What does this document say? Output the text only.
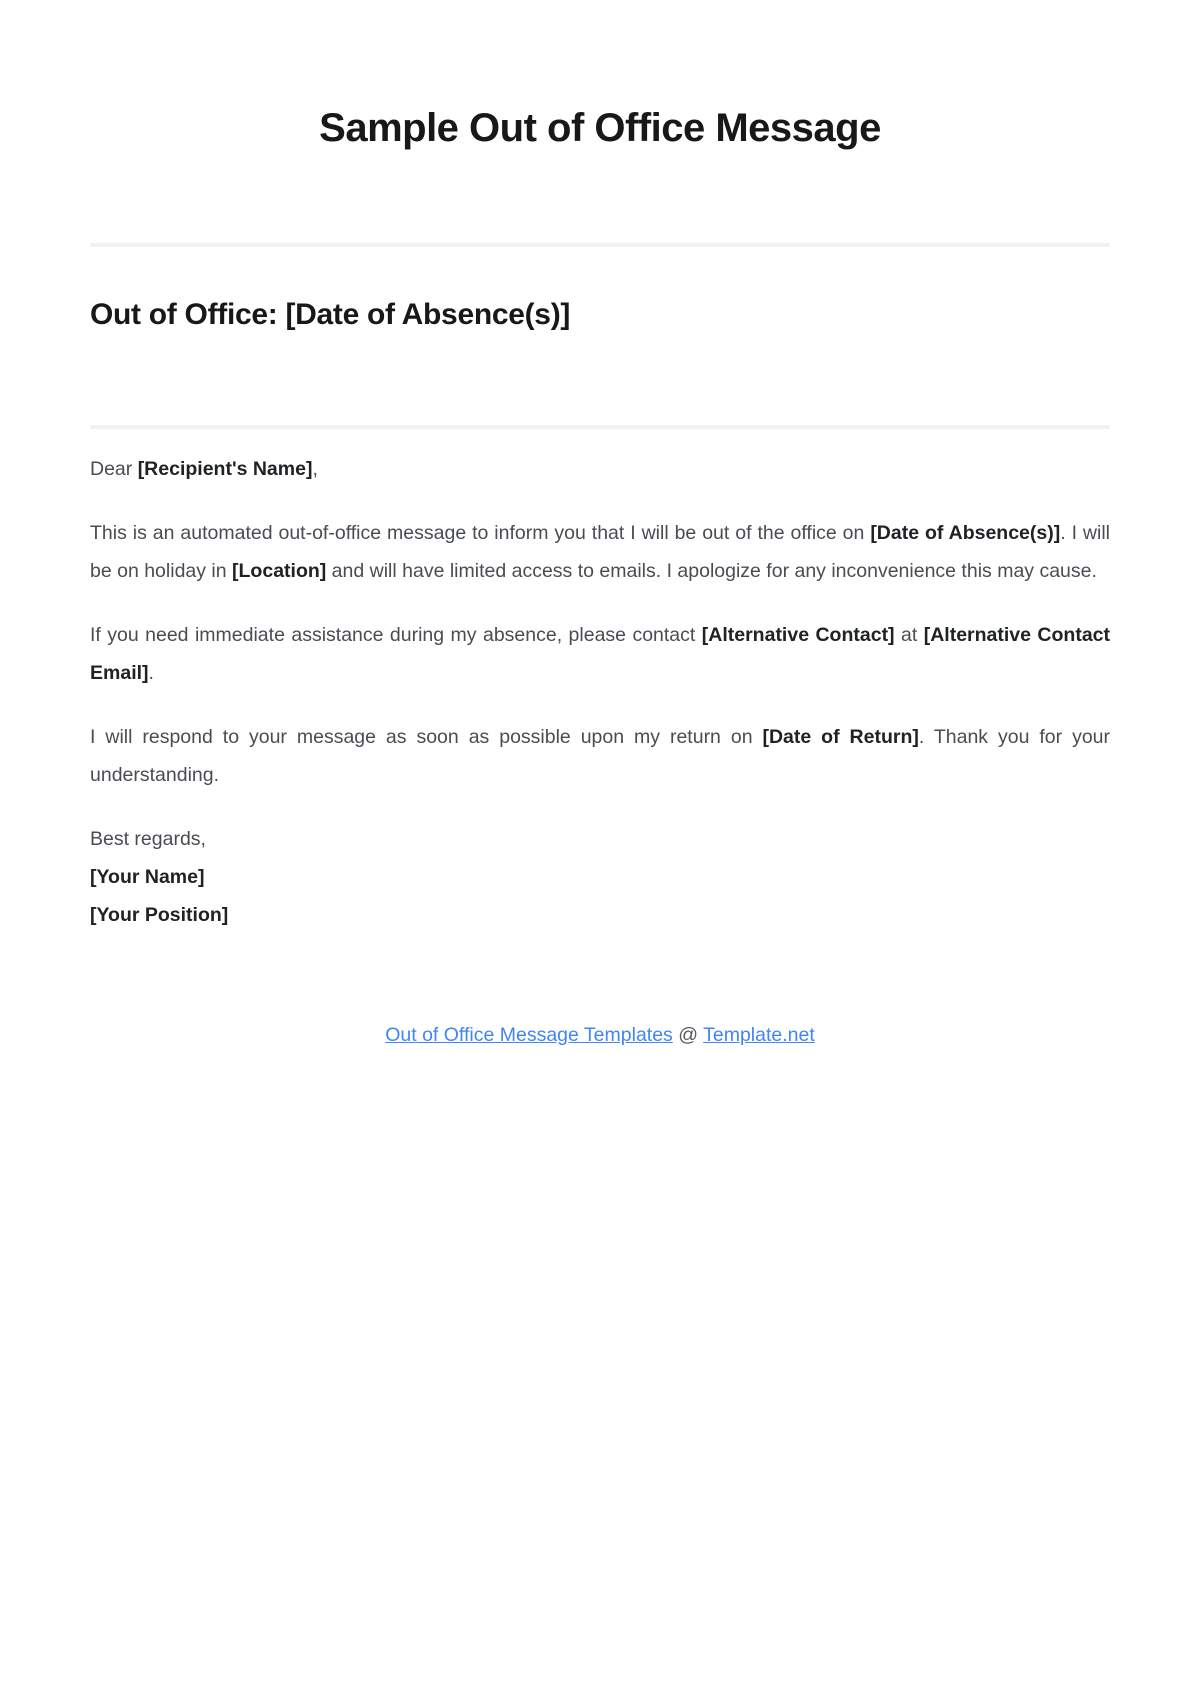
Sample Out of Office Message
Out of Office: [Date of Absence(s)]

Dear [Recipient's Name],

This is an automated out-of-office message to inform you that I will be out of the office on [Date of Absence(s)]. I will be on holiday in [Location] and will have limited access to emails. I apologize for any inconvenience this may cause.

If you need immediate assistance during my absence, please contact [Alternative Contact] at [Alternative Contact Email].

I will respond to your message as soon as possible upon my return on [Date of Return]. Thank you for your understanding.

Best regards,
[Your Name]
[Your Position]

Out of Office Message Templates @ Template.net
